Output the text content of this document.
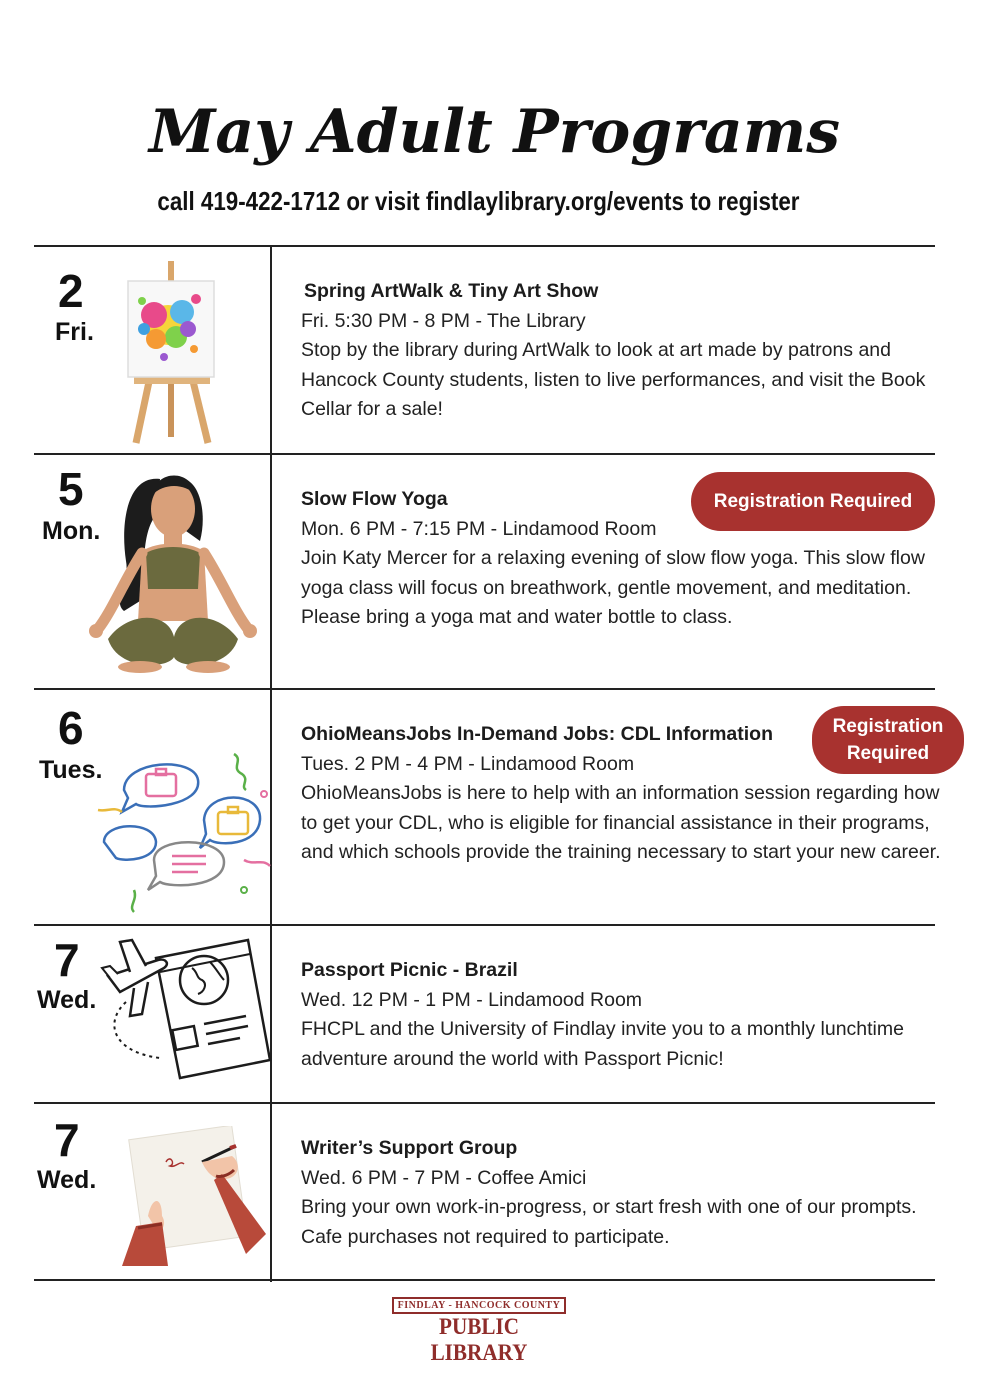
May Adult Programs
call 419-422-1712 or visit findlaylibrary.org/events to register
2
Fri.
Spring ArtWalk & Tiny Art Show
Fri. 5:30 PM - 8 PM - The Library
Stop by the library during ArtWalk to look at art made by patrons and Hancock County students, listen to live performances, and visit the Book Cellar for a sale!
5
Mon.
Slow Flow Yoga
Mon. 6 PM - 7:15 PM - Lindamood Room
Join Katy Mercer for a relaxing evening of slow flow yoga. This slow flow yoga class will focus on breathwork, gentle movement, and meditation. Please bring a yoga mat and water bottle to class.
Registration Required
6
Tues.
OhioMeansJobs In-Demand Jobs: CDL Information
Tues. 2 PM - 4 PM - Lindamood Room
OhioMeansJobs is here to help with an information session regarding how to get your CDL, who is eligible for financial assistance in their programs, and which schools provide the training necessary to start your new career.
Registration
Required
7
Wed.
Passport Picnic - Brazil
Wed. 12 PM - 1 PM - Lindamood Room
FHCPL and the University of Findlay invite you to a monthly lunchtime adventure around the world with Passport Picnic!
7
Wed.
Writer’s Support Group
Wed. 6 PM - 7 PM - Coffee Amici
Bring your own work-in-progress, or start fresh with one of our prompts. Cafe purchases not required to participate.
FINDLAY - HANCOCK COUNTY
PUBLIC LIBRARY
